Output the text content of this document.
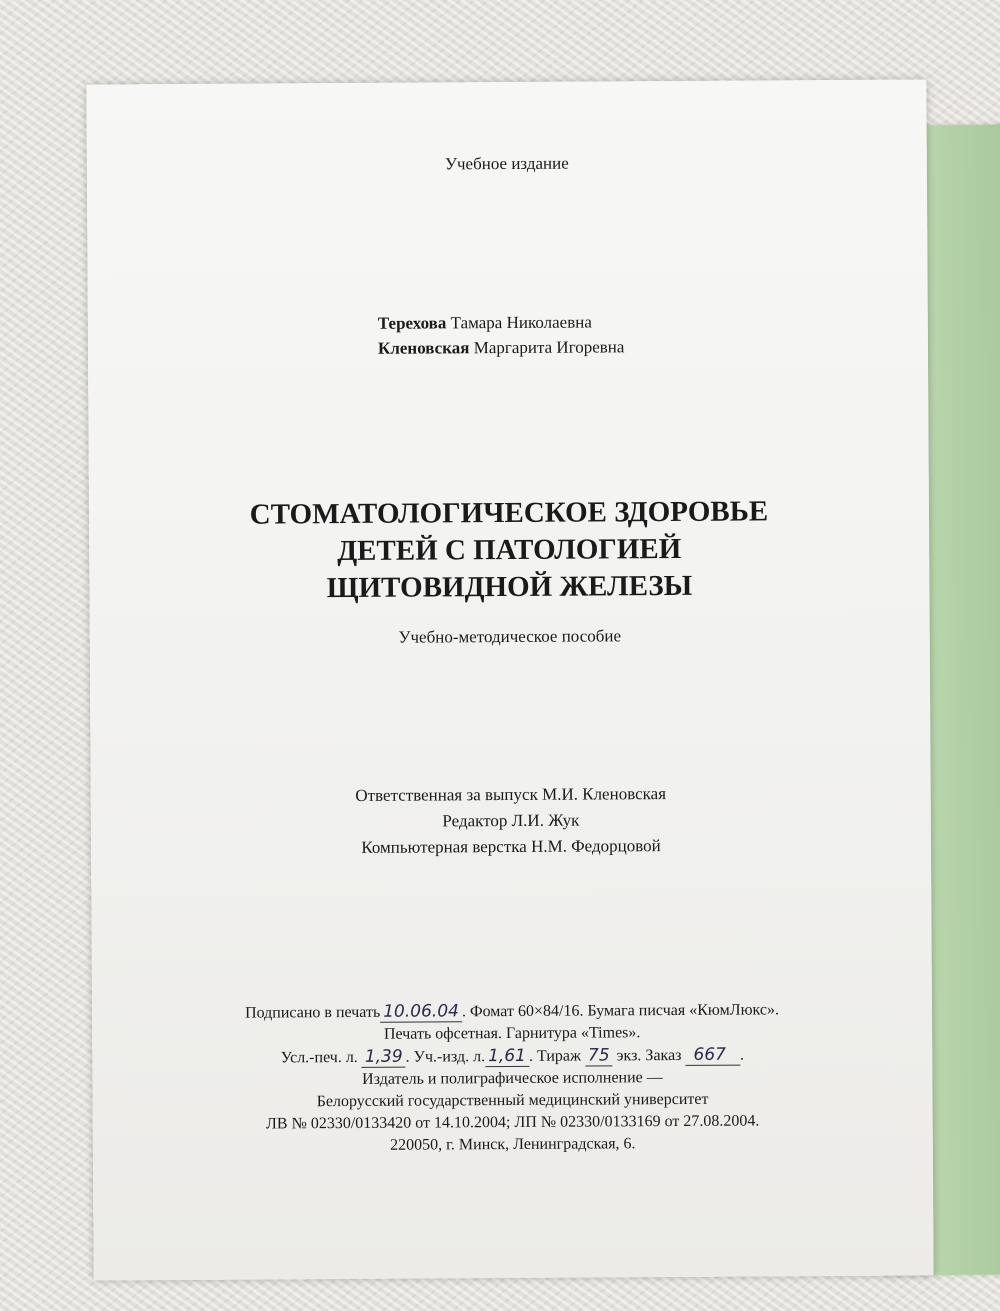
Учебное издание
Терехова Тамара Николаевна
Кленовская Маргарита Игоревна
СТОМАТОЛОГИЧЕСКОЕ ЗДОРОВЬЕ
ДЕТЕЙ С ПАТОЛОГИЕЙ
ЩИТОВИДНОЙ ЖЕЛЕЗЫ
Учебно-методическое пособие
Ответственная за выпуск М.И. Кленовская
Редактор Л.И. Жук
Компьютерная верстка Н.М. Федорцовой
Подписано в печать 10.06.04 . Фомат 60×84/16. Бумага писчая «КюмЛюкс».
Печать офсетная. Гарнитура «Times».
Усл.-печ. л. 1,39 . Уч.-изд. л. 1,61 . Тираж 75 экз. Заказ 667 .
Издатель и полиграфическое исполнение —
Белорусский государственный медицинский университет
ЛВ № 02330/0133420 от 14.10.2004; ЛП № 02330/0133169 от 27.08.2004.
220050, г. Минск, Ленинградская, 6.
